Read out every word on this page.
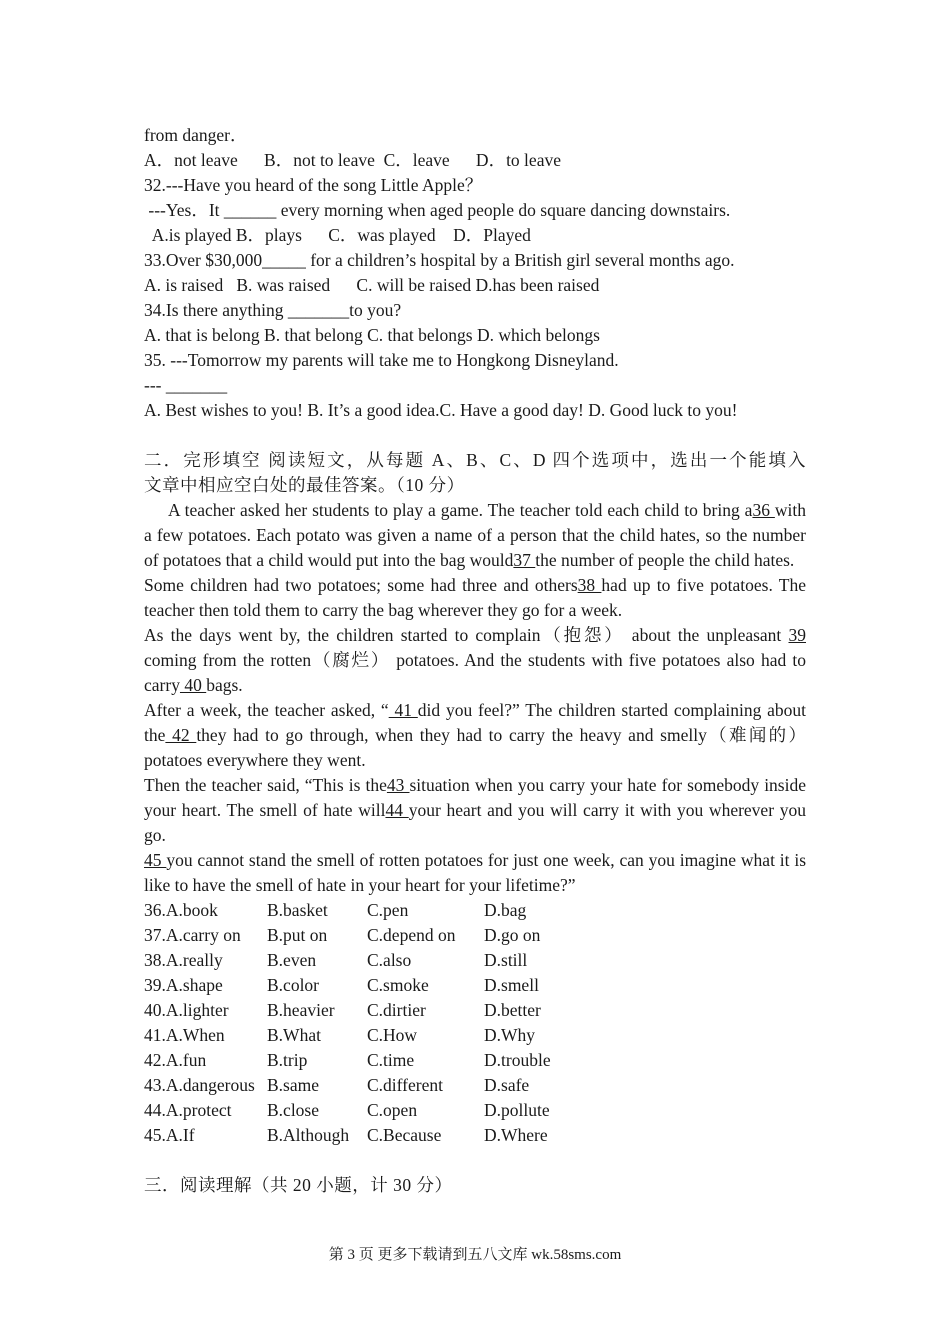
from danger．
A．not leave      B．not to leave  C．leave      D．to leave
32.---Have you heard of the song Little Apple？
---Yes．It ______ every morning when aged people do square dancing downstairs.
A.is played B．plays      C．was played    D．Played
33.Over $30,000_____ for a children’s hospital by a British girl several months ago.
A. is raised   B. was raised      C. will be raised D.has been raised
34.Is there anything _______to you?
A. that is belong B. that belong C. that belongs D. which belongs
35. ---Tomorrow my parents will take me to Hongkong Disneyland.
--- _______
A. Best wishes to you! B. It’s a good idea.C. Have a good day! D. Good luck to you!
二．完形填空 阅读短文，从每题 A、B、C、D 四个选项中，选出一个能填入
文章中相应空白处的最佳答案。（10 分）
A teacher asked her students to play a game. The teacher told each child to bring a36 with a few potatoes. Each potato was given a name of a person that the child hates, so the number of potatoes that a child would put into the bag would37 the number of people the child hates.
Some children had two potatoes; some had three and others38 had up to five potatoes. The teacher then told them to carry the bag wherever they go for a week.
As the days went by, the children started to complain（抱怨） about the unpleasant 39 coming from the rotten（腐烂） potatoes. And the students with five potatoes also had to carry 40 bags.
After a week, the teacher asked, “ 41 did you feel?” The children started complaining about the 42 they had to go through, when they had to carry the heavy and smelly（难闻的） potatoes everywhere they went.
Then the teacher said, “This is the43 situation when you carry your hate for somebody inside your heart. The smell of hate will44 your heart and you will carry it with you wherever you go.
45 you cannot stand the smell of rotten potatoes for just one week, can you imagine what it is like to have the smell of hate in your heart for your lifetime?”
36.A.book	B.basket	C.pen	D.bag
37.A.carry on	B.put on	C.depend on	D.go on
38.A.really	B.even	C.also	D.still
39.A.shape	B.color	C.smoke	D.smell
40.A.lighter	B.heavier	C.dirtier	D.better
41.A.When	B.What	C.How	D.Why
42.A.fun	B.trip	C.time	D.trouble
43.A.dangerous B.same	C.different	D.safe
44.A.protect	B.close	C.open	D.pollute
45.A.If	B.Although	C.Because	D.Where
三．阅读理解（共 20 小题，计 30 分）
第 3 页 更多下载请到五八文库 wk.58sms.com
